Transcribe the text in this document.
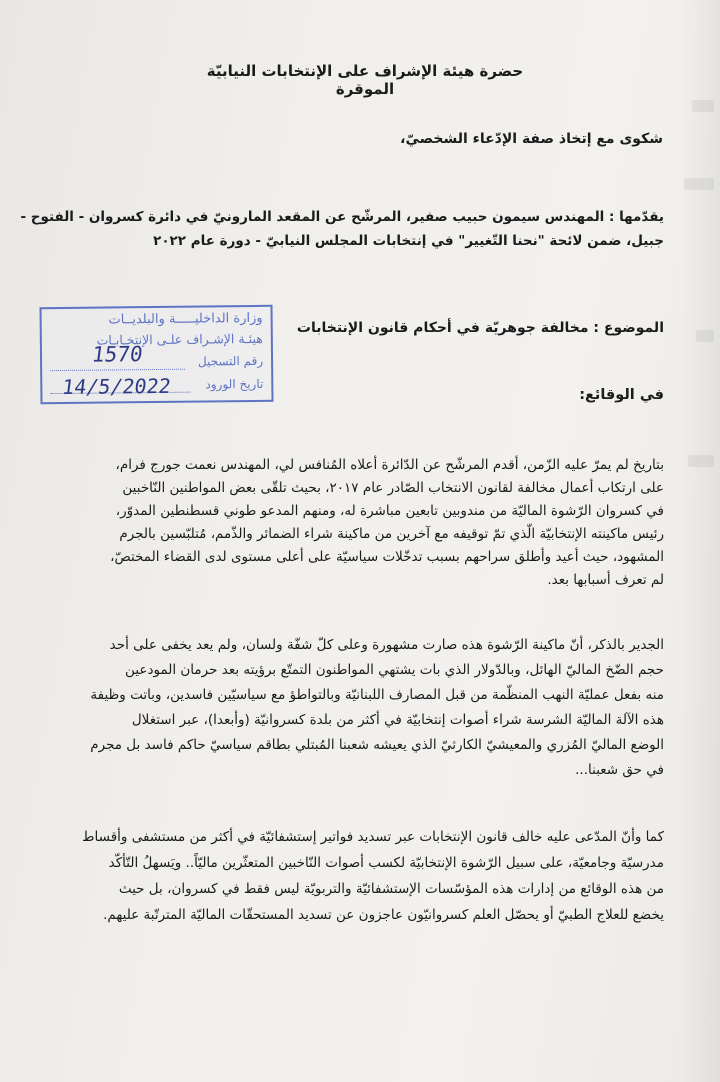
حضرة هيئة الإشراف على الإنتخابات النيابيّة الموقرة
شكوى مع إتخاذ صفة الإدّعاء الشخصيّ،
يقدّمها : المهندس سيمون حبيب صفير، المرشّح عن المقعد المارونيّ في دائرة كسروان - الفتوح -
جبيل، ضمن لائحة "نحنا التّغيير" في إنتخابات المجلس النيابيّ - دورة عام ٢٠٢٢
الموضوع : مخالفة جوهريّة في أحكام قانون الإنتخابات
في الوقائع:
بتاريخ لم يمرّ عليه الزّمن، أقدم المرشّح عن الدّائرة أعلاه المُنافس لي، المهندس نعمت جورج فرام،
على ارتكاب أعمال مخالفة لقانون الانتخاب الصّادر عام ٢٠١٧، بحيث تلقّى بعض المواطنين النّاخبين
في كسروان الرّشوة الماليّة من مندوبين تابعين مباشرة له، ومنهم المدعو طوني قسطنطين المدوّر،
رئيس ماكينته الإنتخابيّة الّذي تمّ توقيفه مع آخرين من ماكينة شراء الضمائر والذّمم، مُتلبّسين بالجرم
المشهود، حيث أعيد وأطلق سراحهم بسبب تدخّلات سياسيّة على أعلى مستوى لدى القضاء المختصّ،
لم تعرف أسبابها بعد.
الجدير بالذكر، أنّ ماكينة الرّشوة هذه صارت مشهورة وعلى كلّ شفّة ولسان، ولم يعد يخفى على أحد
حجم الضّخ الماليّ الهائل، وبالدّولار الذي بات يشتهي المواطنون التمتّع برؤيته بعد حرمان المودعين
منه بفعل عمليّة النهب المنظّمة من قبل المصارف اللبنانيّة وبالتواطؤ مع سياسيّين فاسدين، وباتت وظيفة
هذه الآلة الماليّة الشرسة شراء أصوات إنتخابيّة في أكثر من بلدة كسروانيّة (وأبعدا)، عبر استغلال
الوضع الماليّ المُزري والمعيشيّ الكارثيّ الذي يعيشه شعبنا المُبتلي بطاقم سياسيّ حاكم فاسد بل مجرم
في حق شعبنا...
كما وأنّ المدّعى عليه خالف قانون الإنتخابات عبر تسديد فواتير إستشفائيّة في أكثر من مستشفى وأقساط
مدرسيّة وجامعيّة، على سبيل الرّشوة الإنتخابيّة لكسب أصوات النّاخبين المتعثّرين ماليّاً.. ويَسهلُ التّأكّد
من هذه الوقائع من إدارات هذه المؤسّسات الإستشفائيّة والتربويّة ليس فقط في كسروان، بل حيث
يخضع للعلاج الطبيّ أو يحصّل العلم كسروانيّون عاجزون عن تسديد المستحقّات الماليّة المترتّبة عليهم.
وزارة الداخليـــــة والبلديــات
هيئـة الإشـراف علـى الإنتخـابـات
رقم التسجيل
تاريخ الورود
1570
14/5/2022
